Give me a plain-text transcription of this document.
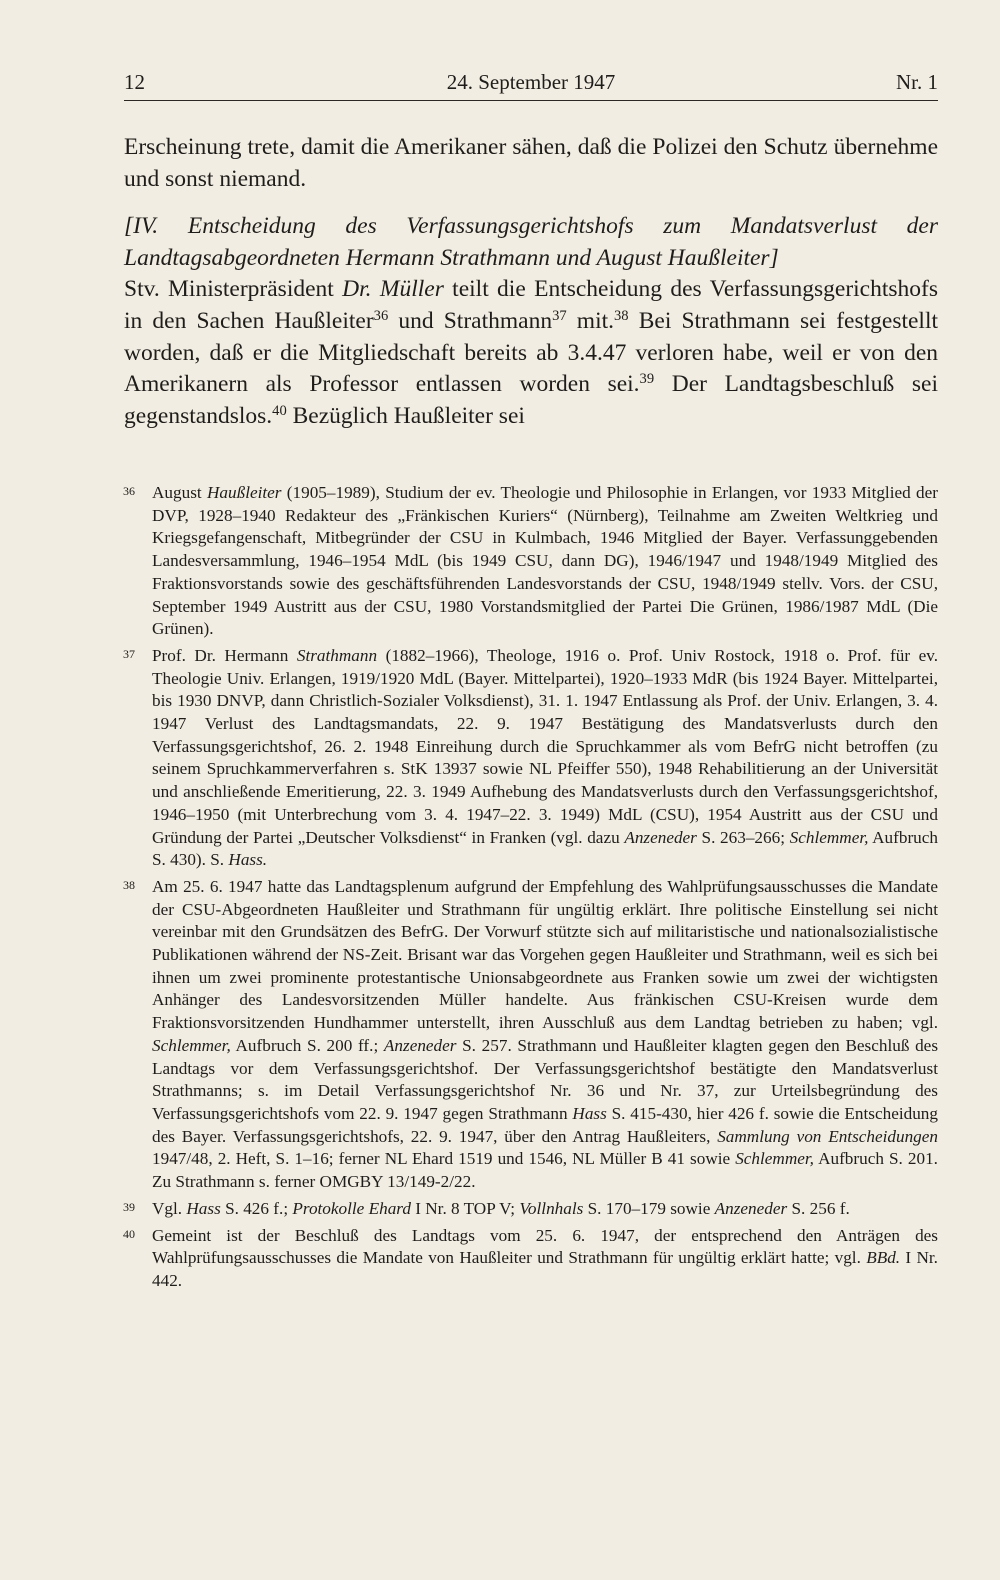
12	24. September 1947	Nr. 1

Erscheinung trete, damit die Amerikaner sähen, daß die Polizei den Schutz übernehme und sonst niemand.

[IV. Entscheidung des Verfassungsgerichtshofs zum Mandatsverlust der Landtagsabgeordneten Hermann Strathmann und August Haußleiter]

Stv. Ministerpräsident Dr. Müller teilt die Entscheidung des Verfassungsgerichtshofs in den Sachen Haußleiter$^{36}$ und Strathmann$^{37}$ mit.$^{38}$ Bei Strathmann sei festgestellt worden, daß er die Mitgliedschaft bereits ab 3.4.47 verloren habe, weil er von den Amerikanern als Professor entlassen worden sei.$^{39}$ Der Landtagsbeschluß sei gegenstandslos.$^{40}$ Bezüglich Haußleiter sei

36 August Haußleiter (1905–1989), Studium der ev. Theologie und Philosophie in Erlangen, vor 1933 Mitglied der DVP, 1928–1940 Redakteur des „Fränkischen Kuriers“ (Nürnberg), Teilnahme am Zweiten Weltkrieg und Kriegsgefangenschaft, Mitbegründer der CSU in Kulmbach, 1946 Mitglied der Bayer. Verfassunggebenden Landesversammlung, 1946–1954 MdL (bis 1949 CSU, dann DG), 1946/1947 und 1948/1949 Mitglied des Fraktionsvorstands sowie des geschäftsführenden Landesvorstands der CSU, 1948/1949 stellv. Vors. der CSU, September 1949 Austritt aus der CSU, 1980 Vorstandsmitglied der Partei Die Grünen, 1986/1987 MdL (Die Grünen).
37 Prof. Dr. Hermann Strathmann (1882–1966), Theologe, 1916 o. Prof. Univ Rostock, 1918 o. Prof. für ev. Theologie Univ. Erlangen, 1919/1920 MdL (Bayer. Mittelpartei), 1920–1933 MdR (bis 1924 Bayer. Mittelpartei, bis 1930 DNVP, dann Christlich-Sozialer Volksdienst), 31. 1. 1947 Entlassung als Prof. der Univ. Erlangen, 3. 4. 1947 Verlust des Landtagsmandats, 22. 9. 1947 Bestätigung des Mandatsverlusts durch den Verfassungsgerichtshof, 26. 2. 1948 Einreihung durch die Spruchkammer als vom BefrG nicht betroffen (zu seinem Spruchkammerverfahren s. StK 13937 sowie NL Pfeiffer 550), 1948 Rehabilitierung an der Universität und anschließende Emeritierung, 22. 3. 1949 Aufhebung des Mandatsverlusts durch den Verfassungsgerichtshof, 1946–1950 (mit Unterbrechung vom 3. 4. 1947–22. 3. 1949) MdL (CSU), 1954 Austritt aus der CSU und Gründung der Partei „Deutscher Volksdienst“ in Franken (vgl. dazu Anzeneder S. 263–266; Schlemmer, Aufbruch S. 430). S. Hass.
38 Am 25. 6. 1947 hatte das Landtagsplenum aufgrund der Empfehlung des Wahlprüfungsausschusses die Mandate der CSU-Abgeordneten Haußleiter und Strathmann für ungültig erklärt. Ihre politische Einstellung sei nicht vereinbar mit den Grundsätzen des BefrG. Der Vorwurf stützte sich auf militaristische und nationalsozialistische Publikationen während der NS-Zeit. Brisant war das Vorgehen gegen Haußleiter und Strathmann, weil es sich bei ihnen um zwei prominente protestantische Unionsabgeordnete aus Franken sowie um zwei der wichtigsten Anhänger des Landesvorsitzenden Müller handelte. Aus fränkischen CSU-Kreisen wurde dem Fraktionsvorsitzenden Hundhammer unterstellt, ihren Ausschluß aus dem Landtag betrieben zu haben; vgl. Schlemmer, Aufbruch S. 200 ff.; Anzeneder S. 257. Strathmann und Haußleiter klagten gegen den Beschluß des Landtags vor dem Verfassungsgerichtshof. Der Verfassungsgerichtshof bestätigte den Mandatsverlust Strathmanns; s. im Detail Verfassungsgerichtshof Nr. 36 und Nr. 37, zur Urteilsbegründung des Verfassungsgerichtshofs vom 22. 9. 1947 gegen Strathmann Hass S. 415-430, hier 426 f. sowie die Entscheidung des Bayer. Verfassungsgerichtshofs, 22. 9. 1947, über den Antrag Haußleiters, Sammlung von Entscheidungen 1947/48, 2. Heft, S. 1–16; ferner NL Ehard 1519 und 1546, NL Müller B 41 sowie Schlemmer, Aufbruch S. 201. Zu Strathmann s. ferner OMGBY 13/149-2/22.
39 Vgl. Hass S. 426 f.; Protokolle Ehard I Nr. 8 TOP V; Vollnhals S. 170–179 sowie Anzeneder S. 256 f.
40 Gemeint ist der Beschluß des Landtags vom 25. 6. 1947, der entsprechend den Anträgen des Wahlprüfungsausschusses die Mandate von Haußleiter und Strathmann für ungültig erklärt hatte; vgl. BBd. I Nr. 442.
